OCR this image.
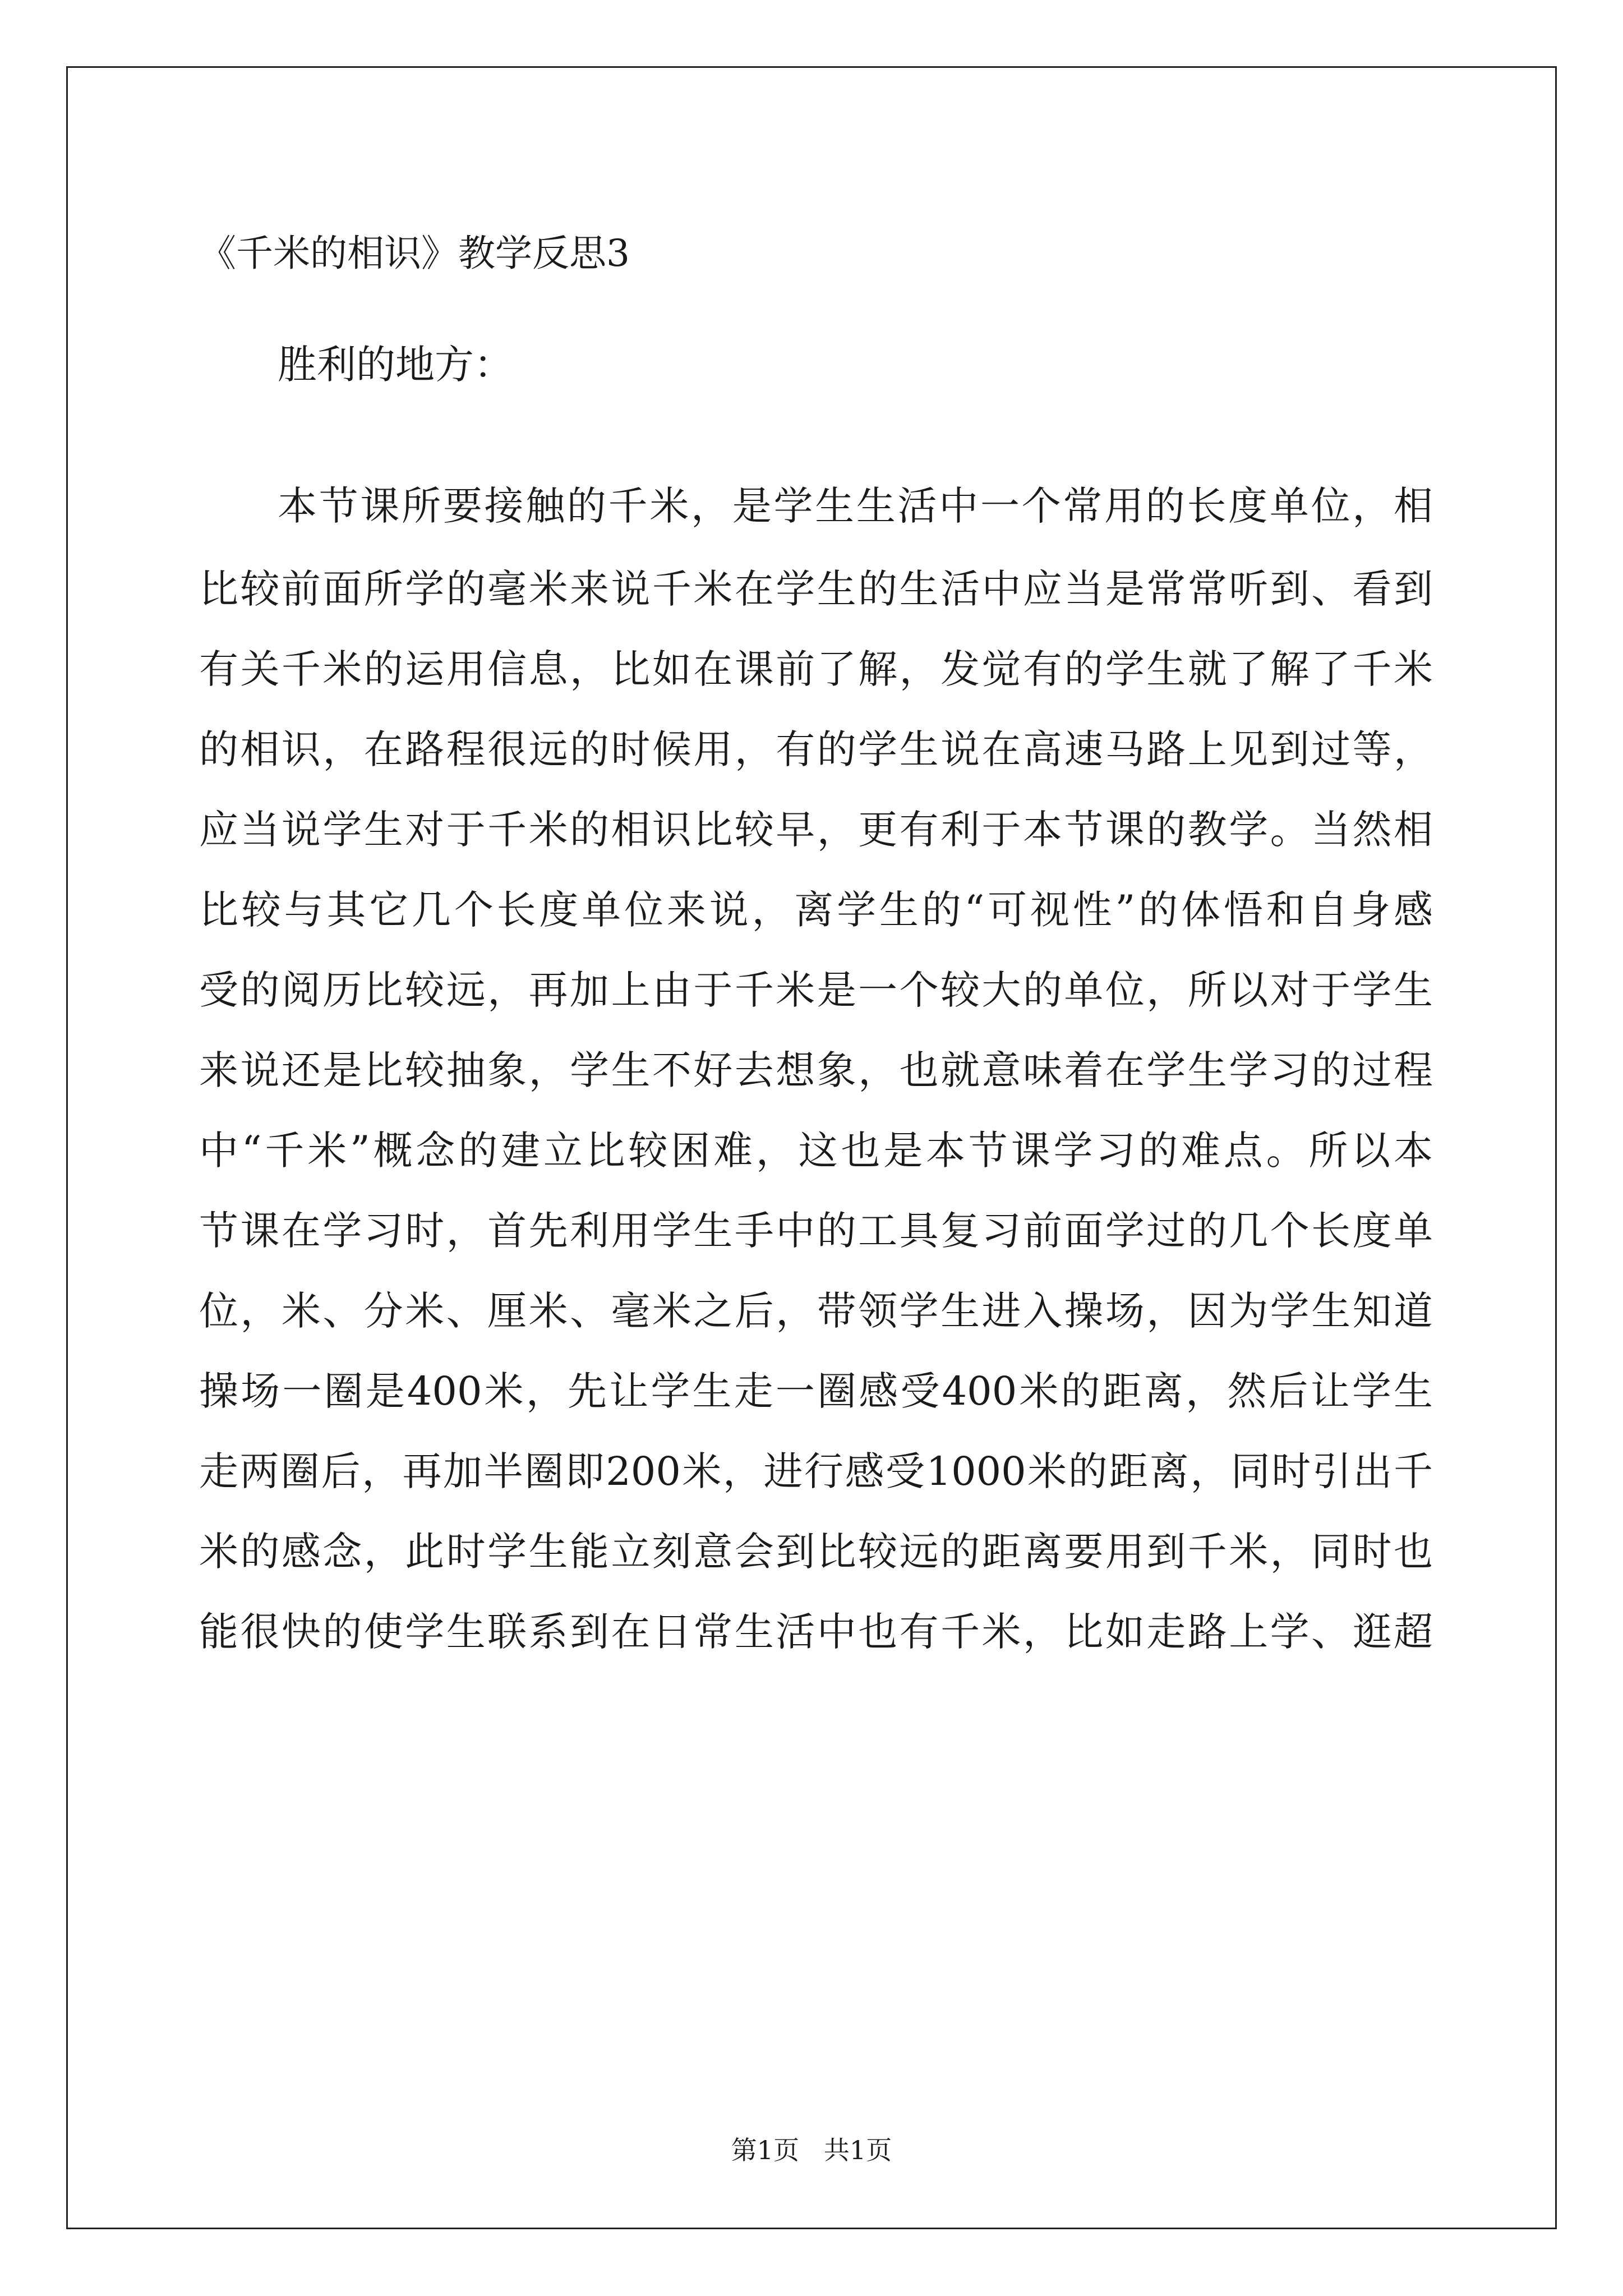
《千米的相识》教学反思3
胜利的地方：
本节课所要接触的千米，是学生生活中一个常用的长度单位，相
比较前面所学的毫米来说千米在学生的生活中应当是常常听到、看到
有关千米的运用信息，比如在课前了解，发觉有的学生就了解了千米
的相识，在路程很远的时候用，有的学生说在高速马路上见到过等，
应当说学生对于千米的相识比较早，更有利于本节课的教学。当然相
比较与其它几个长度单位来说，离学生的“可视性”的体悟和自身感
受的阅历比较远，再加上由于千米是一个较大的单位，所以对于学生
来说还是比较抽象，学生不好去想象，也就意味着在学生学习的过程
中“千米”概念的建立比较困难，这也是本节课学习的难点。所以本
节课在学习时，首先利用学生手中的工具复习前面学过的几个长度单
位，米、分米、厘米、毫米之后，带领学生进入操场，因为学生知道
操场一圈是400米，先让学生走一圈感受400米的距离，然后让学生
走两圈后，再加半圈即200米，进行感受1000米的距离，同时引出千
米的感念，此时学生能立刻意会到比较远的距离要用到千米，同时也
能很快的使学生联系到在日常生活中也有千米，比如走路上学、逛超
第1页   共1页
